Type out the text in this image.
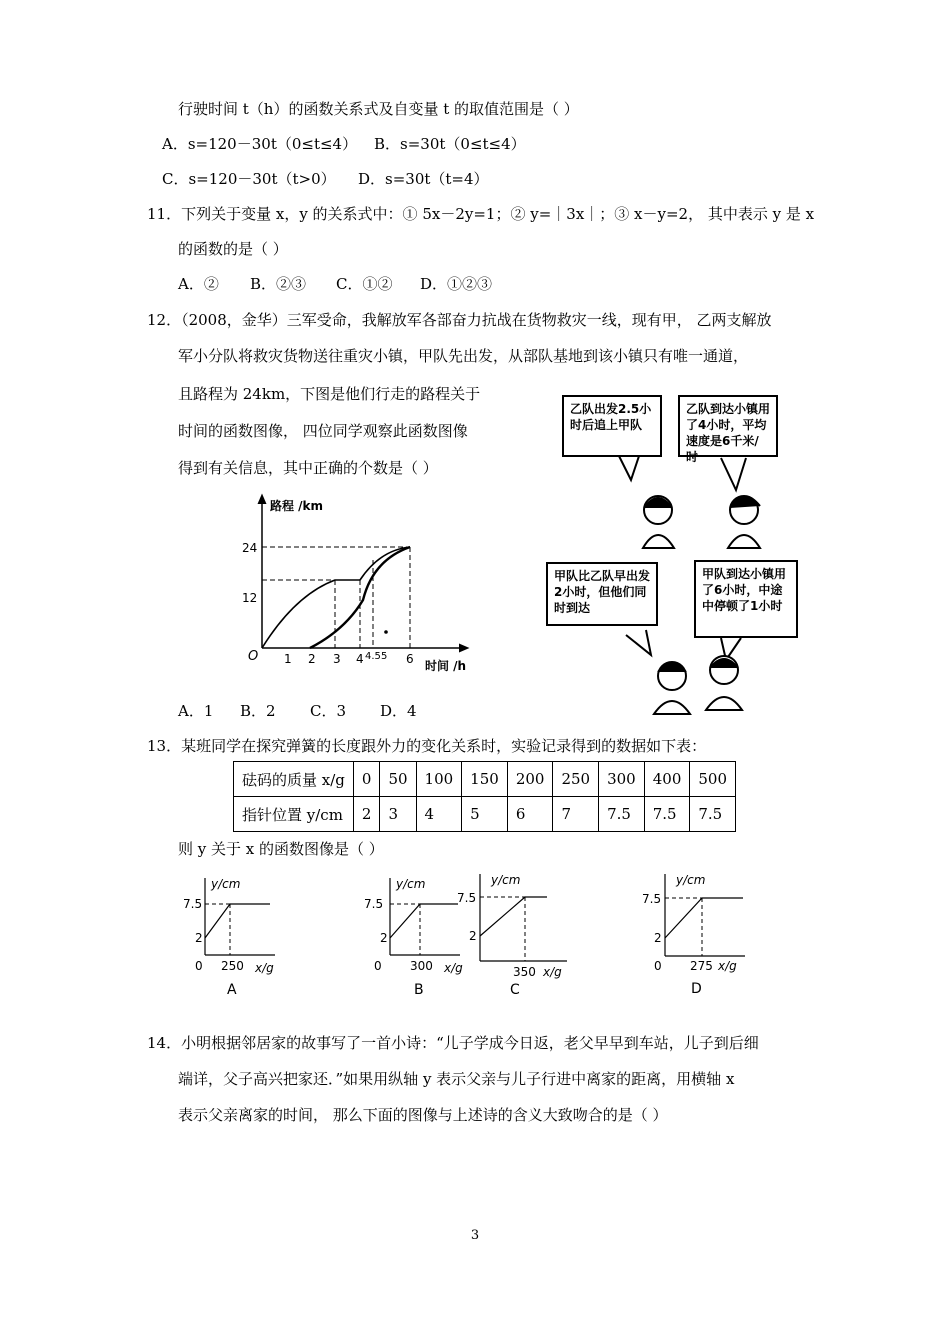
行驶时间 t（h）的函数关系式及自变量 t 的取值范围是（ ）
A．s=120－30t（0≤t≤4） B．s=30t（0≤t≤4）
C．s=120－30t（t>0） D．s=30t（t=4）
11．下列关于变量 x，y 的关系式中：① 5x－2y=1；② y=｜3x｜；③ x－y=2， 其中表示 y 是 x
的函数的是（ ）
A．② B．②③ C．①② D．①②③
12．（2008，金华）三军受命，我解放军各部奋力抗战在货物救灾一线，现有甲， 乙两支解放
军小分队将救灾货物送往重灾小镇，甲队先出发，从部队基地到该小镇只有唯一通道，
且路程为 24km，下图是他们行走的路程关于
时间的函数图像， 四位同学观察此函数图像
得到有关信息，其中正确的个数是（ ）
路程 /km
时间 /h
O
12
24
1 2 3 4 4.5 5 6
乙队出发2.5小时后追上甲队
乙队到达小镇用了4小时，平均速度是6千米/时
甲队比乙队早出发2小时，但他们同时到达
甲队到达小镇用了6小时，中途中停顿了1小时
A．1 B．2 C．3 D．4
13．某班同学在探究弹簧的长度跟外力的变化关系时，实验记录得到的数据如下表：
砝码的质量 x/g	0	50	100	150	200	250	300	400	500
指针位置 y/cm	2	3	4	5	6	7	7.5	7.5	7.5
则 y 关于 x 的函数图像是（ ）
y/cm
7.5
2
0 250 x/g
A
y/cm
7.5
2
0 300 x/g
B
y/cm
7.5
2
350 x/g
C
y/cm
7.5
2
0 275 x/g
D
14．小明根据邻居家的故事写了一首小诗：“儿子学成今日返，老父早早到车站，儿子到后细
端详，父子高兴把家还．”如果用纵轴 y 表示父亲与儿子行进中离家的距离，用横轴 x
表示父亲离家的时间， 那么下面的图像与上述诗的含义大致吻合的是（ ）
3
